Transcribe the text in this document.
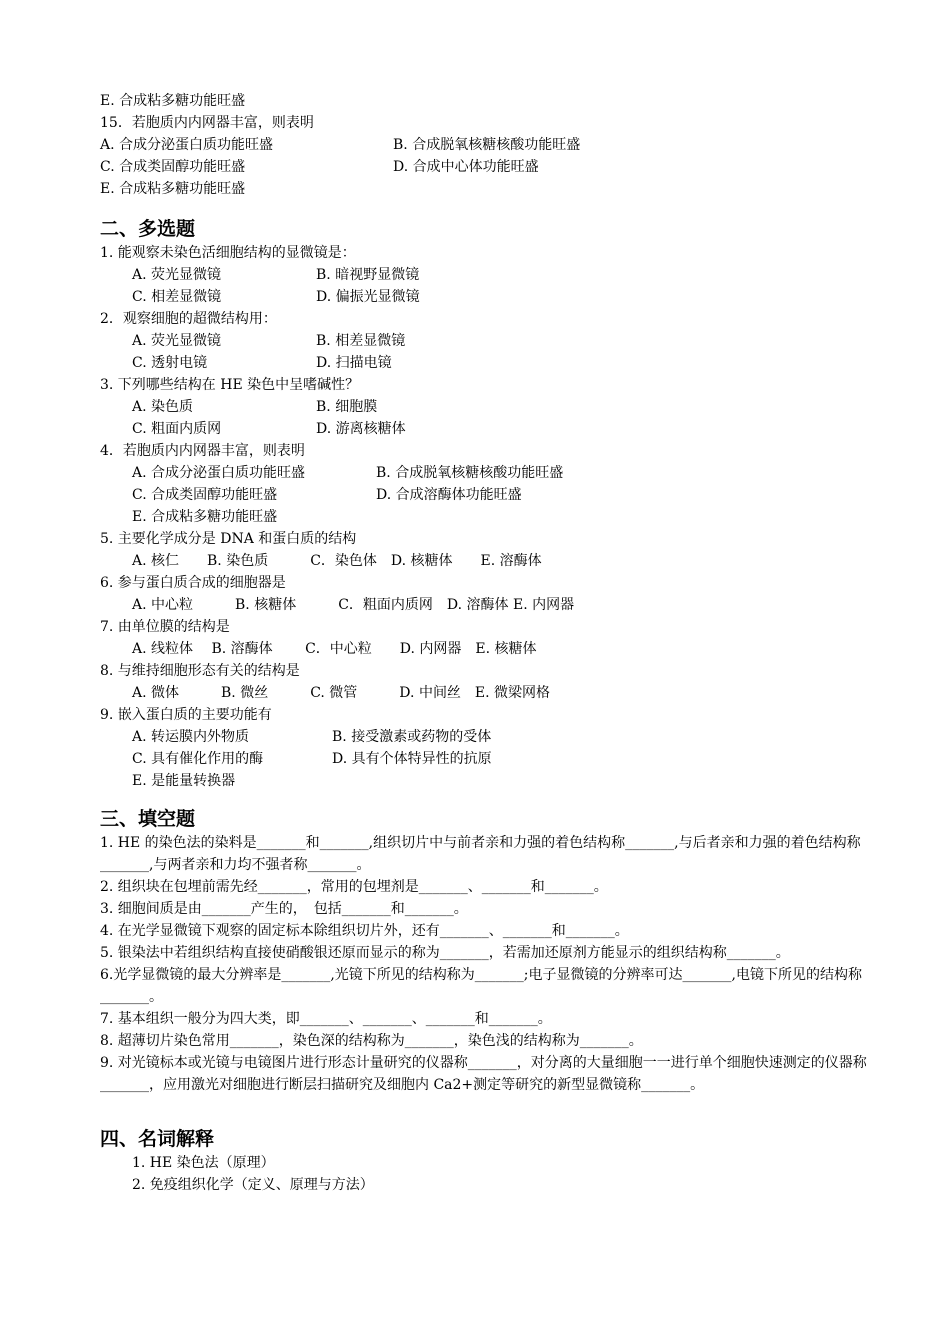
E. 合成粘多糖功能旺盛
15．若胞质内内网器丰富，则表明
A. 合成分泌蛋白质功能旺盛	B. 合成脱氧核糖核酸功能旺盛
C. 合成类固醇功能旺盛	D. 合成中心体功能旺盛
E. 合成粘多糖功能旺盛
二、多选题
1. 能观察未染色活细胞结构的显微镜是：
A. 荧光显微镜	B. 暗视野显微镜
C. 相差显微镜	D. 偏振光显微镜
2．观察细胞的超微结构用：
A. 荧光显微镜	B. 相差显微镜
C. 透射电镜	D. 扫描电镜
3. 下列哪些结构在 HE 染色中呈嗜碱性？
A. 染色质	B. 细胞膜
C. 粗面内质网	D. 游离核糖体
4．若胞质内内网器丰富，则表明
A. 合成分泌蛋白质功能旺盛	B. 合成脱氧核糖核酸功能旺盛
C. 合成类固醇功能旺盛	D. 合成溶酶体功能旺盛
E. 合成粘多糖功能旺盛
5. 主要化学成分是 DNA 和蛋白质的结构
A. 核仁　　B. 染色质　　　C．染色体　D. 核糖体　　E. 溶酶体
6. 参与蛋白质合成的细胞器是
A. 中心粒　　　B. 核糖体　　　C．粗面内质网　D. 溶酶体 E. 内网器
7. 由单位膜的结构是
A. 线粒体　 B. 溶酶体　　 C．中心粒　　D. 内网器　E. 核糖体
8. 与维持细胞形态有关的结构是
A. 微体　　　B. 微丝　　　C. 微管　　　D. 中间丝　E. 微梁网格
9. 嵌入蛋白质的主要功能有
A. 转运膜内外物质	B. 接受激素或药物的受体
C. 具有催化作用的酶	D. 具有个体特异性的抗原
E. 是能量转换器
三、填空题
1. HE 的染色法的染料是_______和_______,组织切片中与前者亲和力强的着色结构称_______,与后者亲和力强的着色结构称_______,与两者亲和力均不强者称_______。
2. 组织块在包埋前需先经_______，常用的包埋剂是_______、_______和_______。
3. 细胞间质是由_______产生的，　包括_______和_______。
4. 在光学显微镜下观察的固定标本除组织切片外，还有_______、_______和_______。
5. 银染法中若组织结构直接使硝酸银还原而显示的称为_______，若需加还原剂方能显示的组织结构称_______。
6.光学显微镜的最大分辨率是_______,光镜下所见的结构称为_______;电子显微镜的分辨率可达_______,电镜下所见的结构称_______。
7. 基本组织一般分为四大类，即_______、_______、_______和_______。
8. 超薄切片染色常用_______，染色深的结构称为_______，染色浅的结构称为_______。
9. 对光镜标本或光镜与电镜图片进行形态计量研究的仪器称_______，对分离的大量细胞一一进行单个细胞快速测定的仪器称_______，应用激光对细胞进行断层扫描研究及细胞内 Ca2+测定等研究的新型显微镜称_______。
四、名词解释
1. HE 染色法（原理）
2. 免疫组织化学（定义、原理与方法）
